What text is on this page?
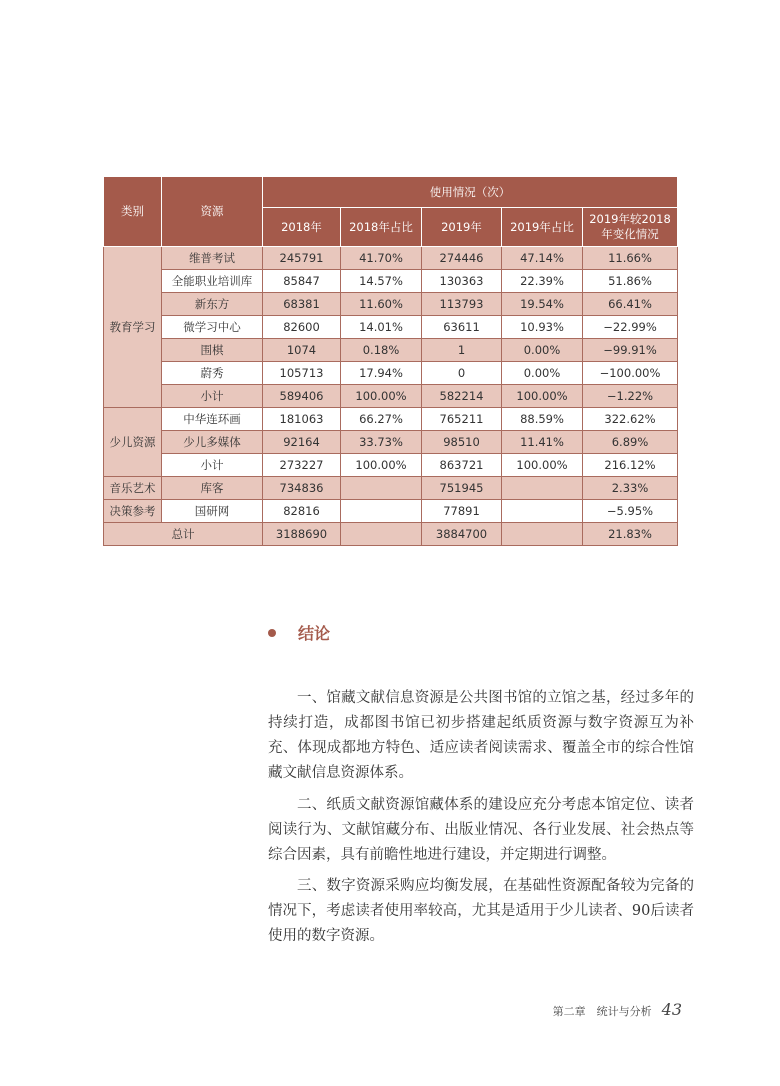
类别	资源	使用情况（次）				
		2018年	2018年占比	2019年	2019年占比	2019年较2018年变化情况
教育学习	维普考试	245791	41.70%	274446	47.14%	11.66%
	全能职业培训库	85847	14.57%	130363	22.39%	51.86%
	新东方	68381	11.60%	113793	19.54%	66.41%
	微学习中心	82600	14.01%	63611	10.93%	−22.99%
	围棋	1074	0.18%	1	0.00%	−99.91%
	蔚秀	105713	17.94%	0	0.00%	−100.00%
	小计	589406	100.00%	582214	100.00%	−1.22%
少儿资源	中华连环画	181063	66.27%	765211	88.59%	322.62%
	少儿多媒体	92164	33.73%	98510	11.41%	6.89%
	小计	273227	100.00%	863721	100.00%	216.12%
音乐艺术	库客	734836		751945		2.33%
决策参考	国研网	82816		77891		−5.95%
总计		3188690		3884700		21.83%
结论

一、馆藏文献信息资源是公共图书馆的立馆之基，经过多年的持续打造，成都图书馆已初步搭建起纸质资源与数字资源互为补充、体现成都地方特色、适应读者阅读需求、覆盖全市的综合性馆藏文献信息资源体系。

二、纸质文献资源馆藏体系的建设应充分考虑本馆定位、读者阅读行为、文献馆藏分布、出版业情况、各行业发展、社会热点等综合因素，具有前瞻性地进行建设，并定期进行调整。

三、数字资源采购应均衡发展，在基础性资源配备较为完备的情况下，考虑读者使用率较高，尤其是适用于少儿读者、90后读者使用的数字资源。

第二章　统计与分析 43
